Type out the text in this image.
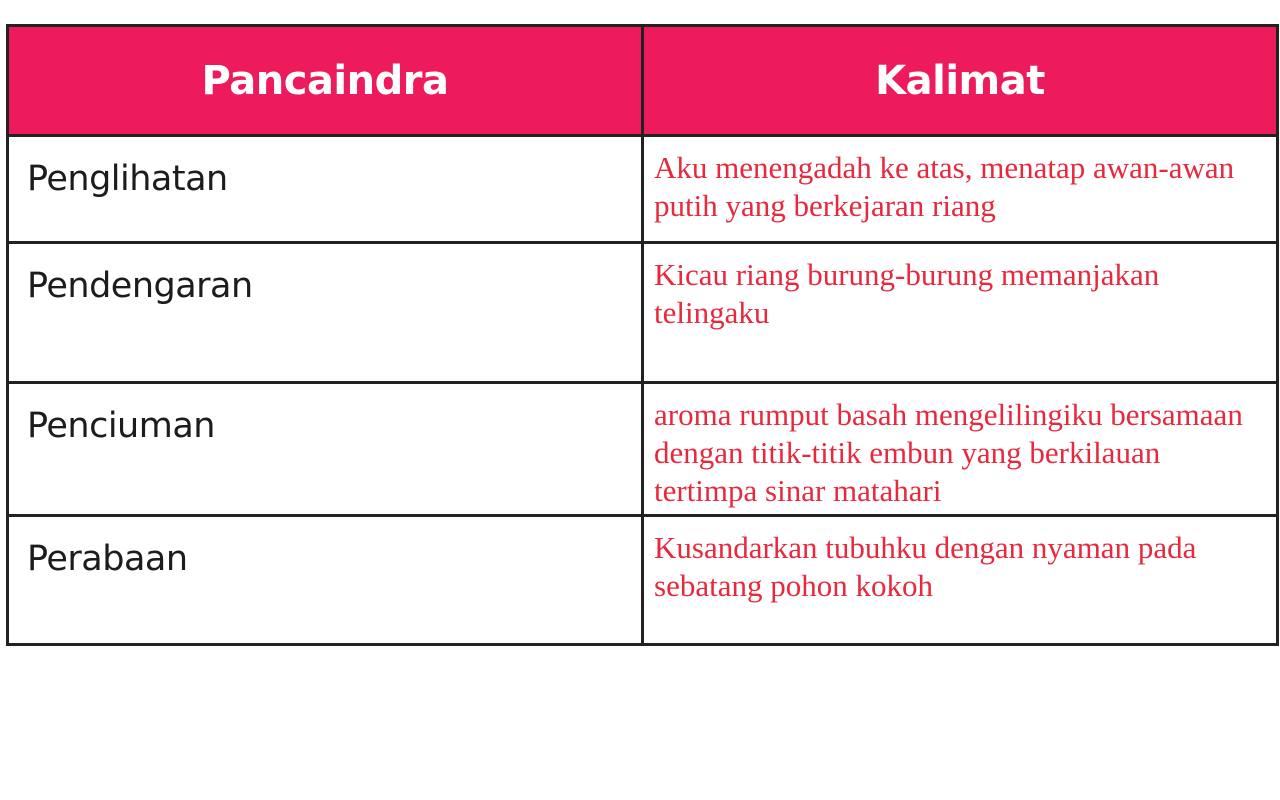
Pancaindra	Kalimat
Penglihatan	Aku menengadah ke atas, menatap awan-awan putih yang berkejaran riang
Pendengaran	Kicau riang burung-burung memanjakan telingaku
Penciuman	aroma rumput basah mengelilingiku bersamaan dengan titik-titik embun yang berkilauan tertimpa sinar matahari
Perabaan	Kusandarkan tubuhku dengan nyaman pada sebatang pohon kokoh
